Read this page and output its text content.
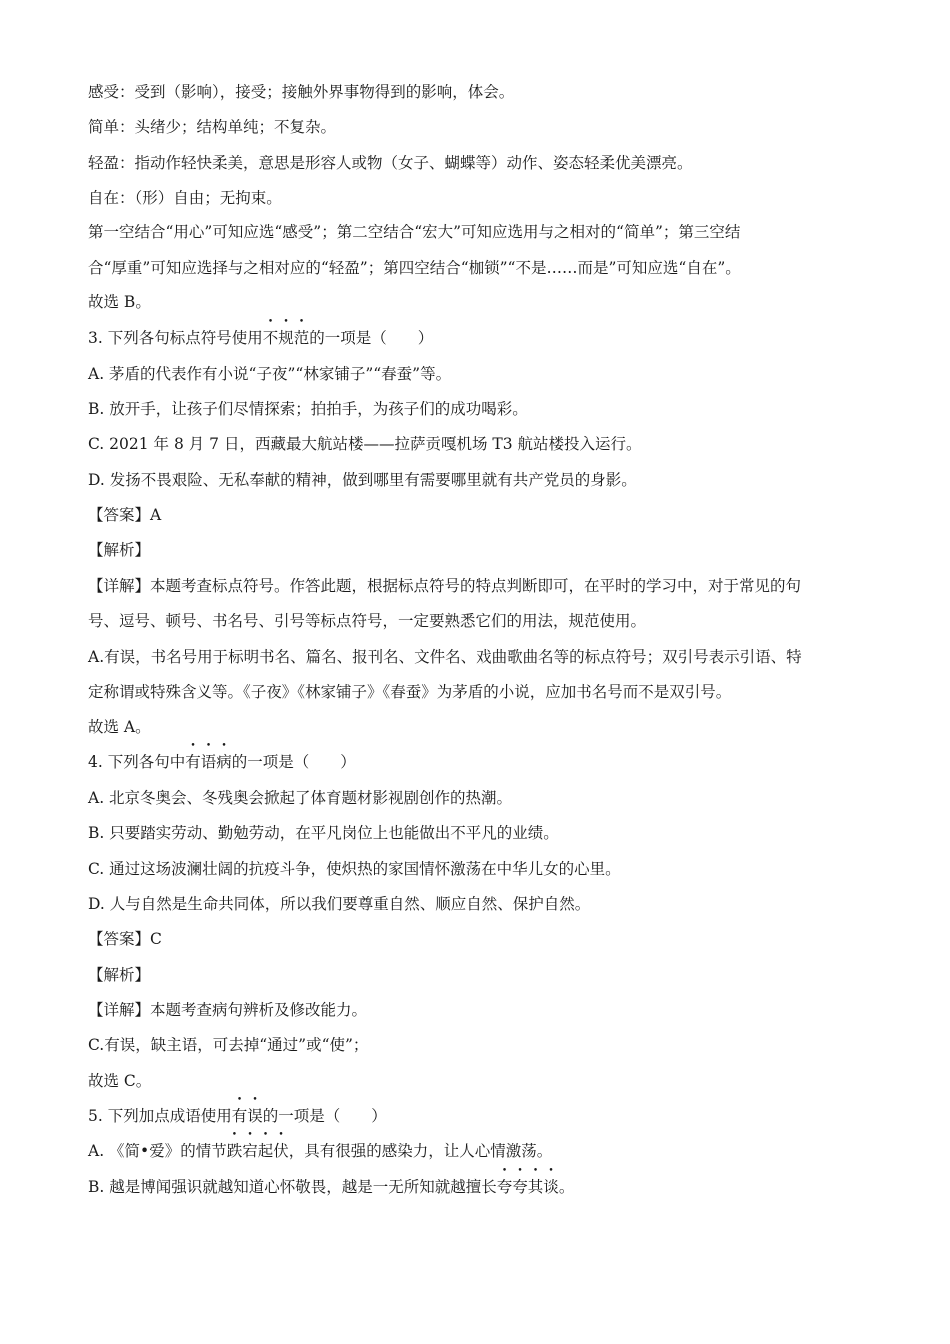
感受：受到（影响），接受；接触外界事物得到的影响，体会。
简单：头绪少；结构单纯；不复杂。
轻盈：指动作轻快柔美，意思是形容人或物（女子、蝴蝶等）动作、姿态轻柔优美漂亮。
自在：（形）自由；无拘束。
第一空结合“用心”可知应选“感受”；第二空结合“宏大”可知应选用与之相对的“简单”；第三空结
合“厚重”可知应选择与之相对应的“轻盈”；第四空结合“枷锁”“不是……而是”可知应选“自在”。
故选 B。
3. 下列各句标点符号使用不规范的一项是（　　）
A. 茅盾的代表作有小说“子夜”“林家铺子”“春蚕”等。
B. 放开手，让孩子们尽情探索；拍拍手，为孩子们的成功喝彩。
C. 2021 年 8 月 7 日，西藏最大航站楼——拉萨贡嘎机场 T3 航站楼投入运行。
D. 发扬不畏艰险、无私奉献的精神，做到哪里有需要哪里就有共产党员的身影。
【答案】A
【解析】
【详解】本题考查标点符号。作答此题，根据标点符号的特点判断即可，在平时的学习中，对于常见的句
号、逗号、顿号、书名号、引号等标点符号，一定要熟悉它们的用法，规范使用。
A.有误，书名号用于标明书名、篇名、报刊名、文件名、戏曲歌曲名等的标点符号；双引号表示引语、特
定称谓或特殊含义等。《子夜》《林家铺子》《春蚕》为茅盾的小说，应加书名号而不是双引号。
故选 A。
4. 下列各句中有语病的一项是（　　）
A. 北京冬奥会、冬残奥会掀起了体育题材影视剧创作的热潮。
B. 只要踏实劳动、勤勉劳动，在平凡岗位上也能做出不平凡的业绩。
C. 通过这场波澜壮阔的抗疫斗争，使炽热的家国情怀激荡在中华儿女的心里。
D. 人与自然是生命共同体，所以我们要尊重自然、顺应自然、保护自然。
【答案】C
【解析】
【详解】本题考查病句辨析及修改能力。
C.有误，缺主语，可去掉“通过”或“使”；
故选 C。
5. 下列加点成语使用有误的一项是（　　）
A. 《简•爱》的情节跌宕起伏，具有很强的感染力，让人心情激荡。
B. 越是博闻强识就越知道心怀敬畏，越是一无所知就越擅长夸夸其谈。
